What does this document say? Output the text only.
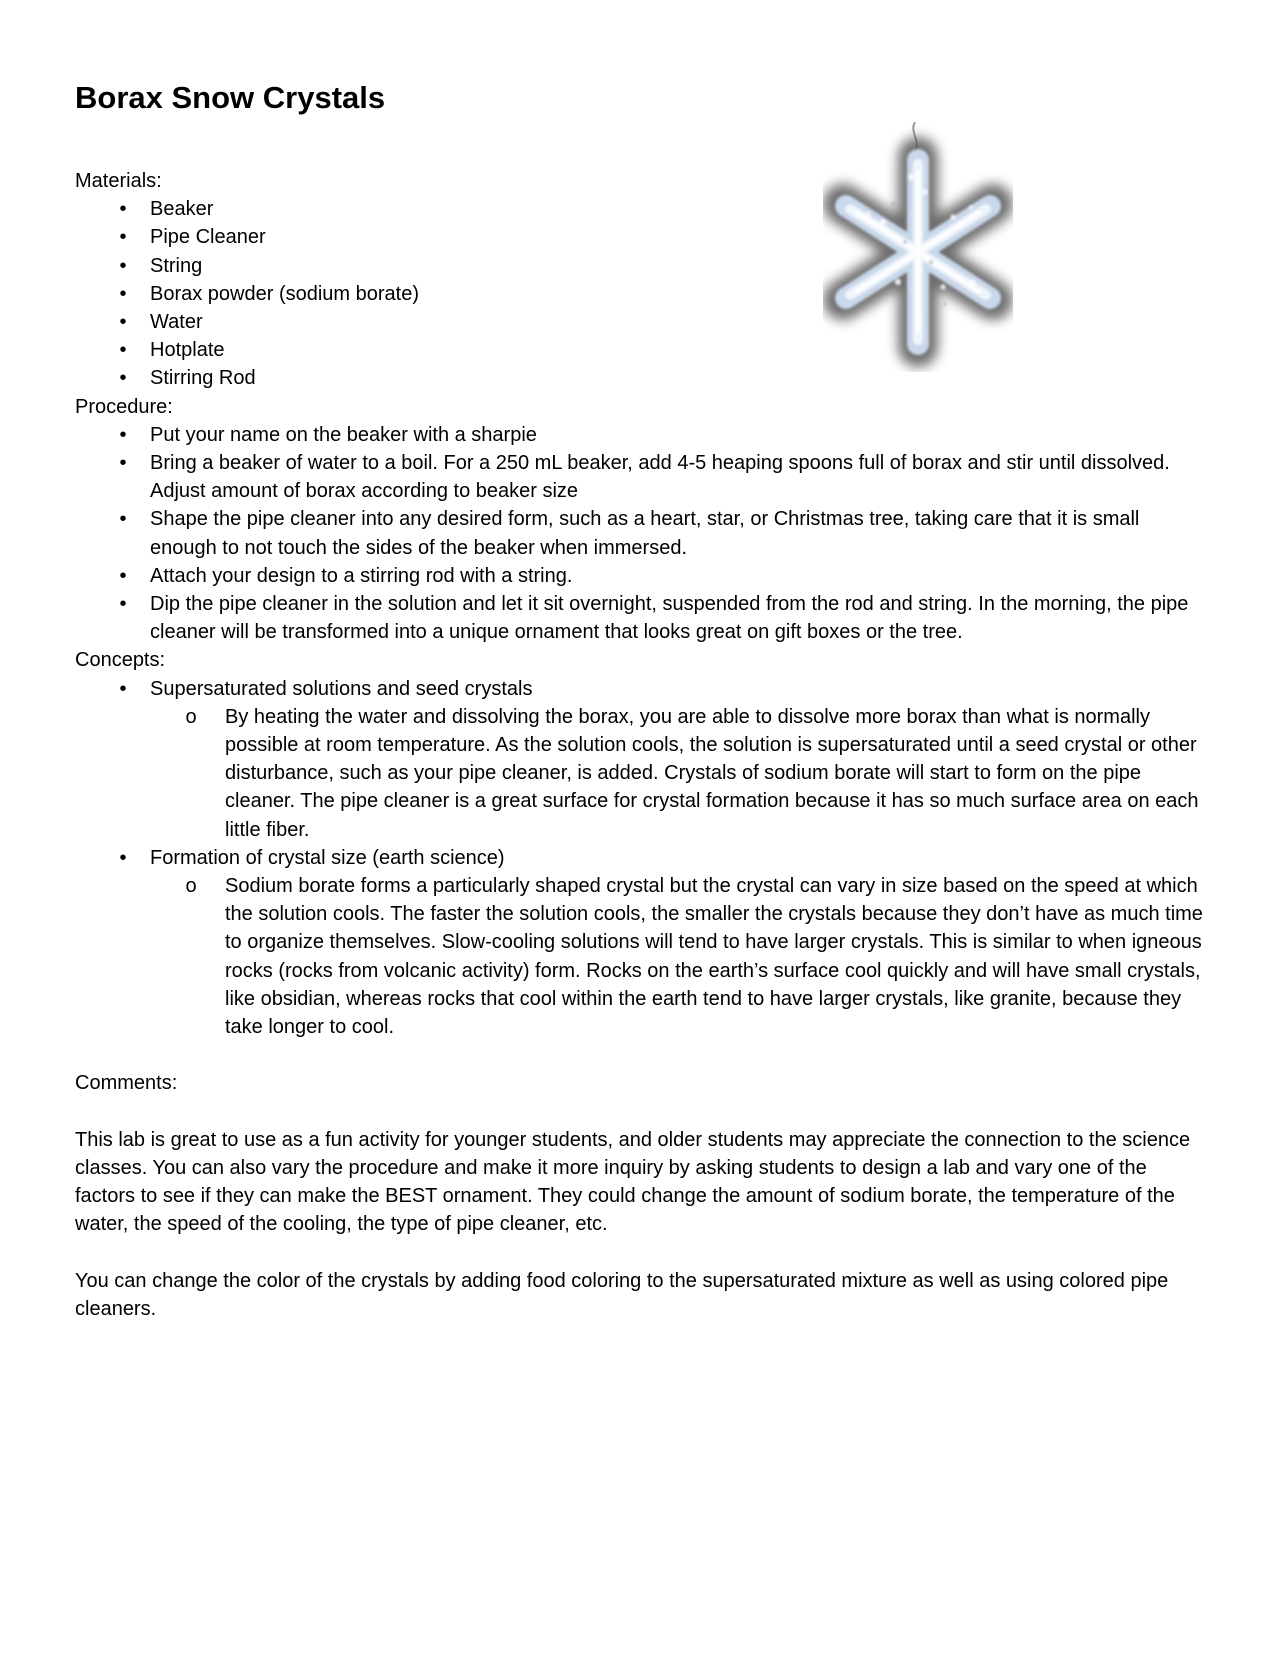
Borax Snow Crystals

Materials:

•	Beaker
•	Pipe Cleaner
•	String
•	Borax powder (sodium borate)
•	Water
•	Hotplate
•	Stirring Rod

Procedure:

•	Put your name on the beaker with a sharpie
•	Bring a beaker of water to a boil. For a 250 mL beaker, add 4-5 heaping spoons full of borax and stir until dissolved. Adjust amount of borax according to beaker size
•	Shape the pipe cleaner into any desired form, such as a heart, star, or Christmas tree, taking care that it is small enough to not touch the sides of the beaker when immersed.
•	Attach your design to a stirring rod with a string.
•	Dip the pipe cleaner in the solution and let it sit overnight, suspended from the rod and string. In the morning, the pipe cleaner will be transformed into a unique ornament that looks great on gift boxes or the tree.

Concepts:

•	Supersaturated solutions and seed crystals
o By heating the water and dissolving the borax, you are able to dissolve more borax than what is normally possible at room temperature. As the solution cools, the solution is supersaturated until a seed crystal or other disturbance, such as your pipe cleaner, is added. Crystals of sodium borate will start to form on the pipe cleaner. The pipe cleaner is a great surface for crystal formation because it has so much surface area on each little fiber.
•	Formation of crystal size (earth science)
o Sodium borate forms a particularly shaped crystal but the crystal can vary in size based on the speed at which the solution cools. The faster the solution cools, the smaller the crystals because they don’t have as much time to organize themselves. Slow-cooling solutions will tend to have larger crystals. This is similar to when igneous rocks (rocks from volcanic activity) form. Rocks on the earth’s surface cool quickly and will have small crystals, like obsidian, whereas rocks that cool within the earth tend to have larger crystals, like granite, because they take longer to cool.

Comments:

This lab is great to use as a fun activity for younger students, and older students may appreciate the connection to the science classes. You can also vary the procedure and make it more inquiry by asking students to design a lab and vary one of the factors to see if they can make the BEST ornament. They could change the amount of sodium borate, the temperature of the water, the speed of the cooling, the type of pipe cleaner, etc.

You can change the color of the crystals by adding food coloring to the supersaturated mixture as well as using colored pipe cleaners.
